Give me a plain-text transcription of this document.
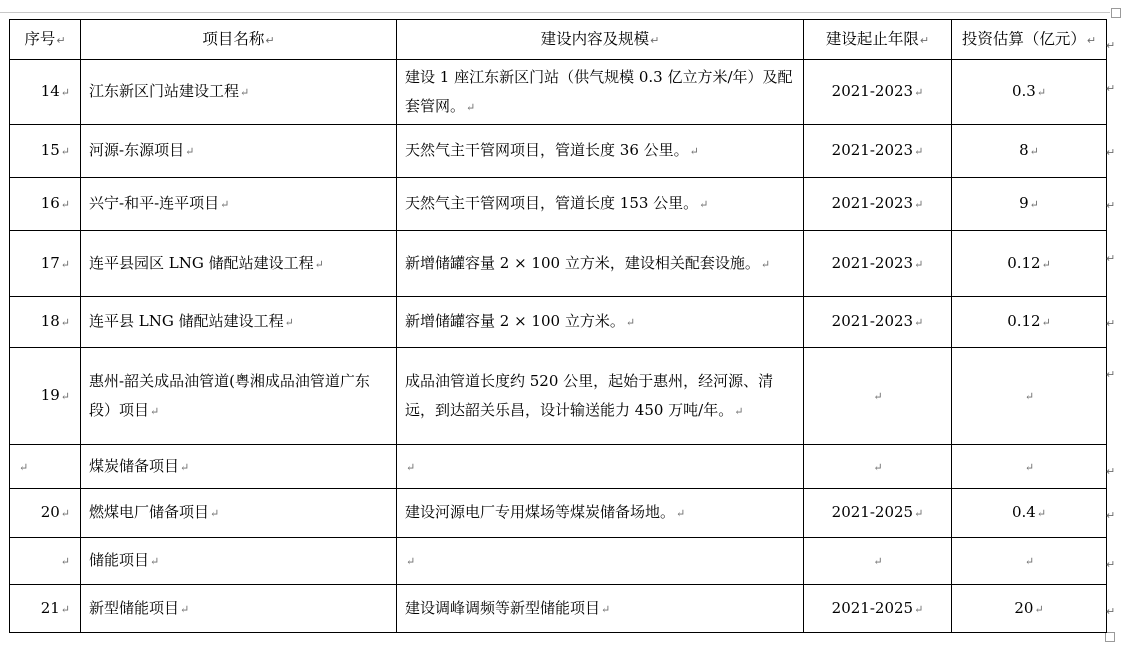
序号↵	项目名称↵	建设内容及规模↵	建设起止年限↵	投资估算（亿元）↵
14↵	江东新区门站建设工程↵	建设 1 座江东新区门站（供气规模 0.3 亿立方米/年）及配套管网。↵	2021-2023↵	0.3↵
15↵	河源-东源项目↵	天然气主干管网项目，管道长度 36 公里。↵	2021-2023↵	8↵
16↵	兴宁-和平-连平项目↵	天然气主干管网项目，管道长度 153 公里。↵	2021-2023↵	9↵
17↵	连平县园区 LNG 储配站建设工程↵	新增储罐容量 2 × 100 立方米，建设相关配套设施。↵	2021-2023↵	0.12↵
18↵	连平县 LNG 储配站建设工程↵	新增储罐容量 2 × 100 立方米。↵	2021-2023↵	0.12↵
19↵	惠州-韶关成品油管道(粤湘成品油管道广东段）项目↵	成品油管道长度约 520 公里，起始于惠州，经河源、清远，到达韶关乐昌，设计输送能力 450 万吨/年。↵	↵	↵
↵	煤炭储备项目↵	↵	↵	↵
20↵	燃煤电厂储备项目↵	建设河源电厂专用煤场等煤炭储备场地。↵	2021-2025↵	0.4↵
↵	储能项目↵	↵	↵	↵
21↵	新型储能项目↵	建设调峰调频等新型储能项目↵	2021-2025↵	20↵
↵
↵
↵
↵
↵
↵
↵
↵
↵
↵
↵
